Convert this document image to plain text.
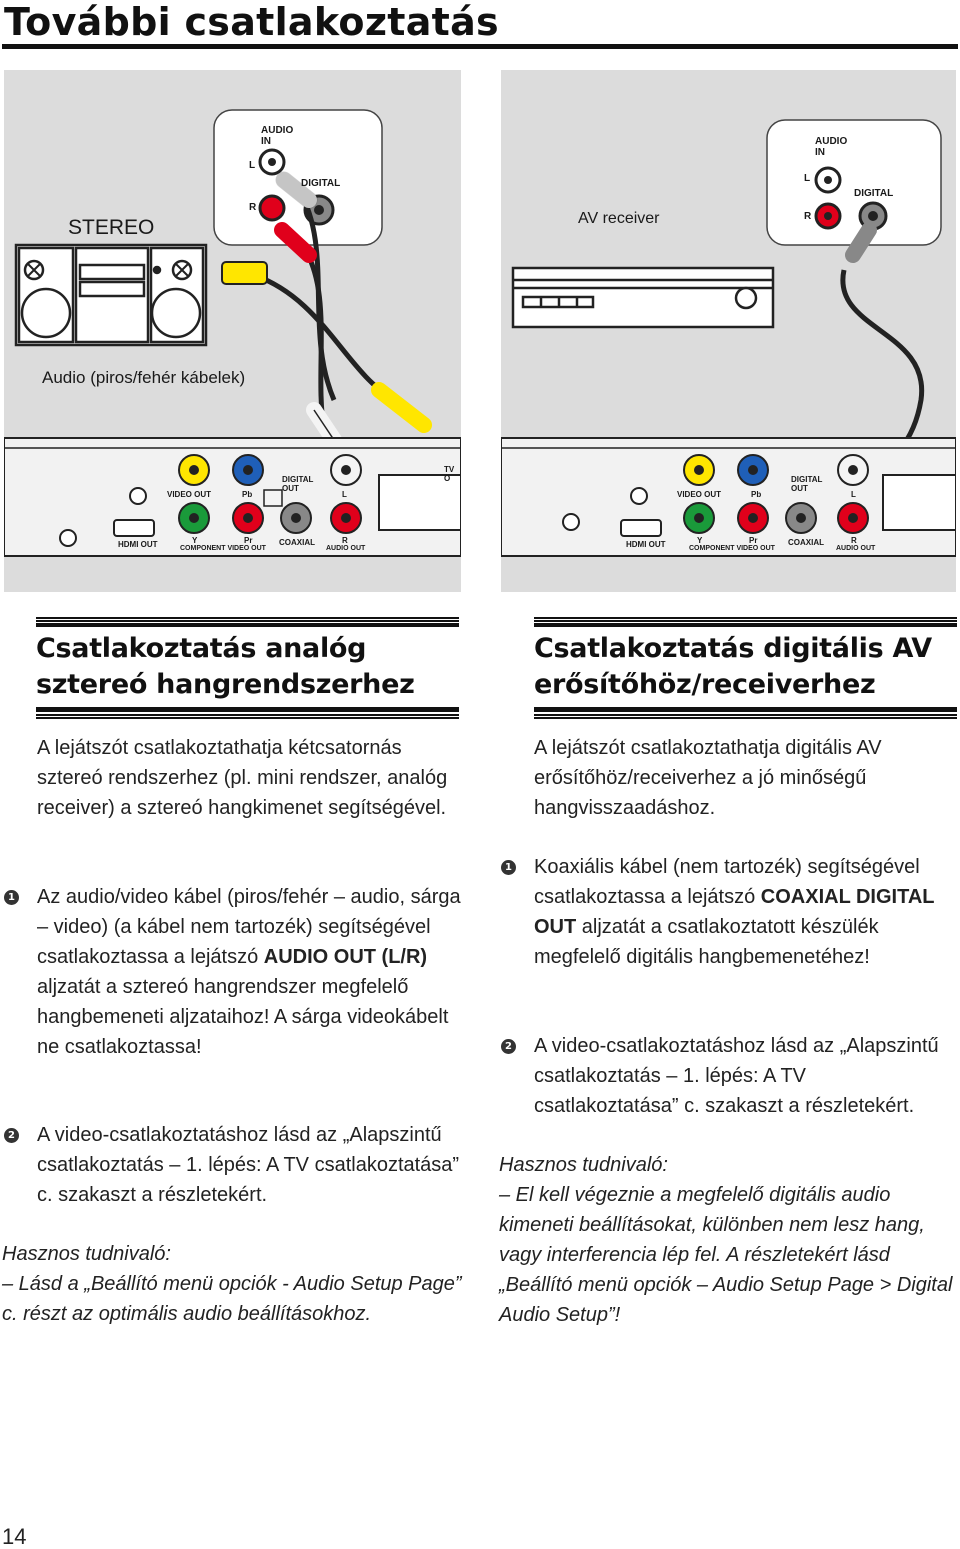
További csatlakoztatás
STEREO
AUDIO
IN
L
R
DIGITAL
Audio (piros/fehér kábelek)
VIDEO OUT	Pb
DIGITAL OUT
L
TV O
HDMI OUT	Y	Pr
COMPONENT VIDEO OUT
COAXIAL	R
AUDIO OUT
AV receiver
AUDIO
IN
L
R
DIGITAL
VIDEO OUT	Pb
DIGITAL OUT
L
HDMI OUT	Y	Pr
COMPONENT VIDEO OUT
COAXIAL	R
AUDIO OUT
Csatlakoztatás analóg
sztereó hangrendszerhez
A lejátszót csatlakoztathatja kétcsatornás sztereó rendszerhez (pl. mini rendszer, analóg receiver) a sztereó hangkimenet segítségével.
1 Az audio/video kábel (piros/fehér – audio, sárga – video) (a kábel nem tartozék) segítségével csatlakoztassa a lejátszó AUDIO OUT (L/R) aljzatát a sztereó hangrendszer megfelelő hangbemeneti aljzataihoz! A sárga videokábelt ne csatlakoztassa!
2 A video-csatlakoztatáshoz lásd az „Alapszintű csatlakoztatás – 1. lépés: A TV csatlakoztatása” c. szakaszt a részletekért.
Hasznos tudnivaló:
– Lásd a „Beállító menü opciók - Audio Setup Page” c. részt az optimális audio beállításokhoz.
Csatlakoztatás digitális AV
erősítőhöz/receiverhez
A lejátszót csatlakoztathatja digitális AV erősítőhöz/receiverhez a jó minőségű hangvisszaadáshoz.
1 Koaxiális kábel (nem tartozék) segítségével csatlakoztassa a lejátszó COAXIAL DIGITAL OUT aljzatát a csatlakoztatott készülék megfelelő digitális hangbemenetéhez!
2 A video-csatlakoztatáshoz lásd az „Alapszintű csatlakoztatás – 1. lépés: A TV csatlakoztatása” c. szakaszt a részletekért.
Hasznos tudnivaló:
– El kell végeznie a megfelelő digitális audio kimeneti beállításokat, különben nem lesz hang, vagy interferencia lép fel. A részletekért lásd „Beállító menü opciók – Audio Setup Page > Digital Audio Setup”!
14
